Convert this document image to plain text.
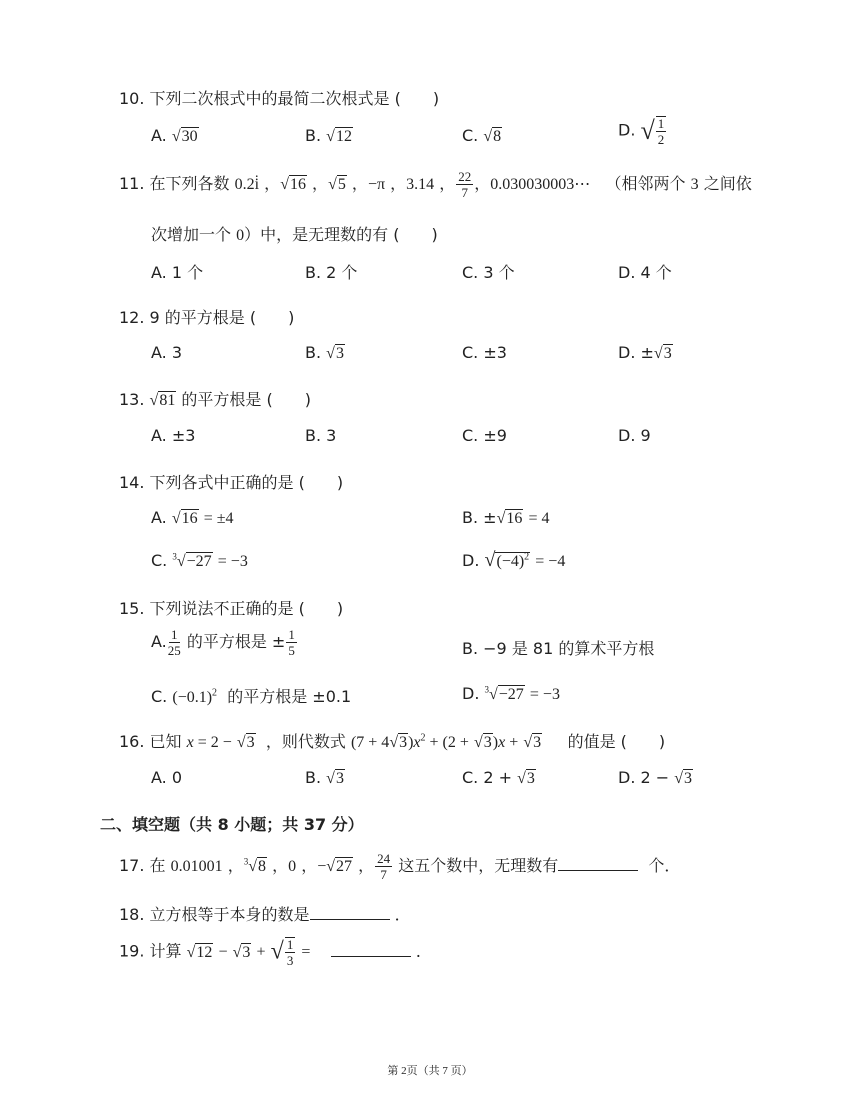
10. 下列二次根式中的最简二次根式是 (　　)
A. √30	B. √12	C. √8	D. √ $\frac{1}{2}$
11. 在下列各数 0.2i̇ ，√16 ，√5 ，−π ，3.14 ， $\frac{22}{7}$ ，0.030030003⋯ （相邻两个 3 之间依
次增加一个 0）中，是无理数的有 (　　)
A. 1 个	B. 2 个	C. 3 个	D. 4 个
12. 9 的平方根是 (　　)
A. 3	B. √3	C. ±3	D. ±√3
13. √81 的平方根是 (　　)
A. ±3	B. 3	C. ±9	D. 9
14. 下列各式中正确的是 (　　)
A. √16 = ±4	B. ±√16 = 4
C. $^3$√−27 = −3	D. $√(-4)^2 = -4$
15. 下列说法不正确的是 (　　)
A. $\frac{1}{25}$ 的平方根是 ± $\frac{1}{5}$	B. −9 是 81 的算术平方根
C. $(-0.1)^2$ 的平方根是 ±0.1	D. $^3$√−27 = −3
16. 已知 x = 2 − √3 ，则代数式 $(7 + 4√3)x^2 + (2 + √3)x + √3$ 的值是 (　　)
A. 0	B. √3	C. 2 + √3	D. 2 − √3
二、填空题（共 8 小题；共 37 分）
17. 在 0.01001 ，$^3$√8 ，0 ，−√27 ， $\frac{24}{7}$ 这五个数中，无理数有	个．
18. 立方根等于本身的数是	．
19. 计算 √12 − √3 + √ $\frac{1}{3}$ =	．
第 2页（共 7 页）
